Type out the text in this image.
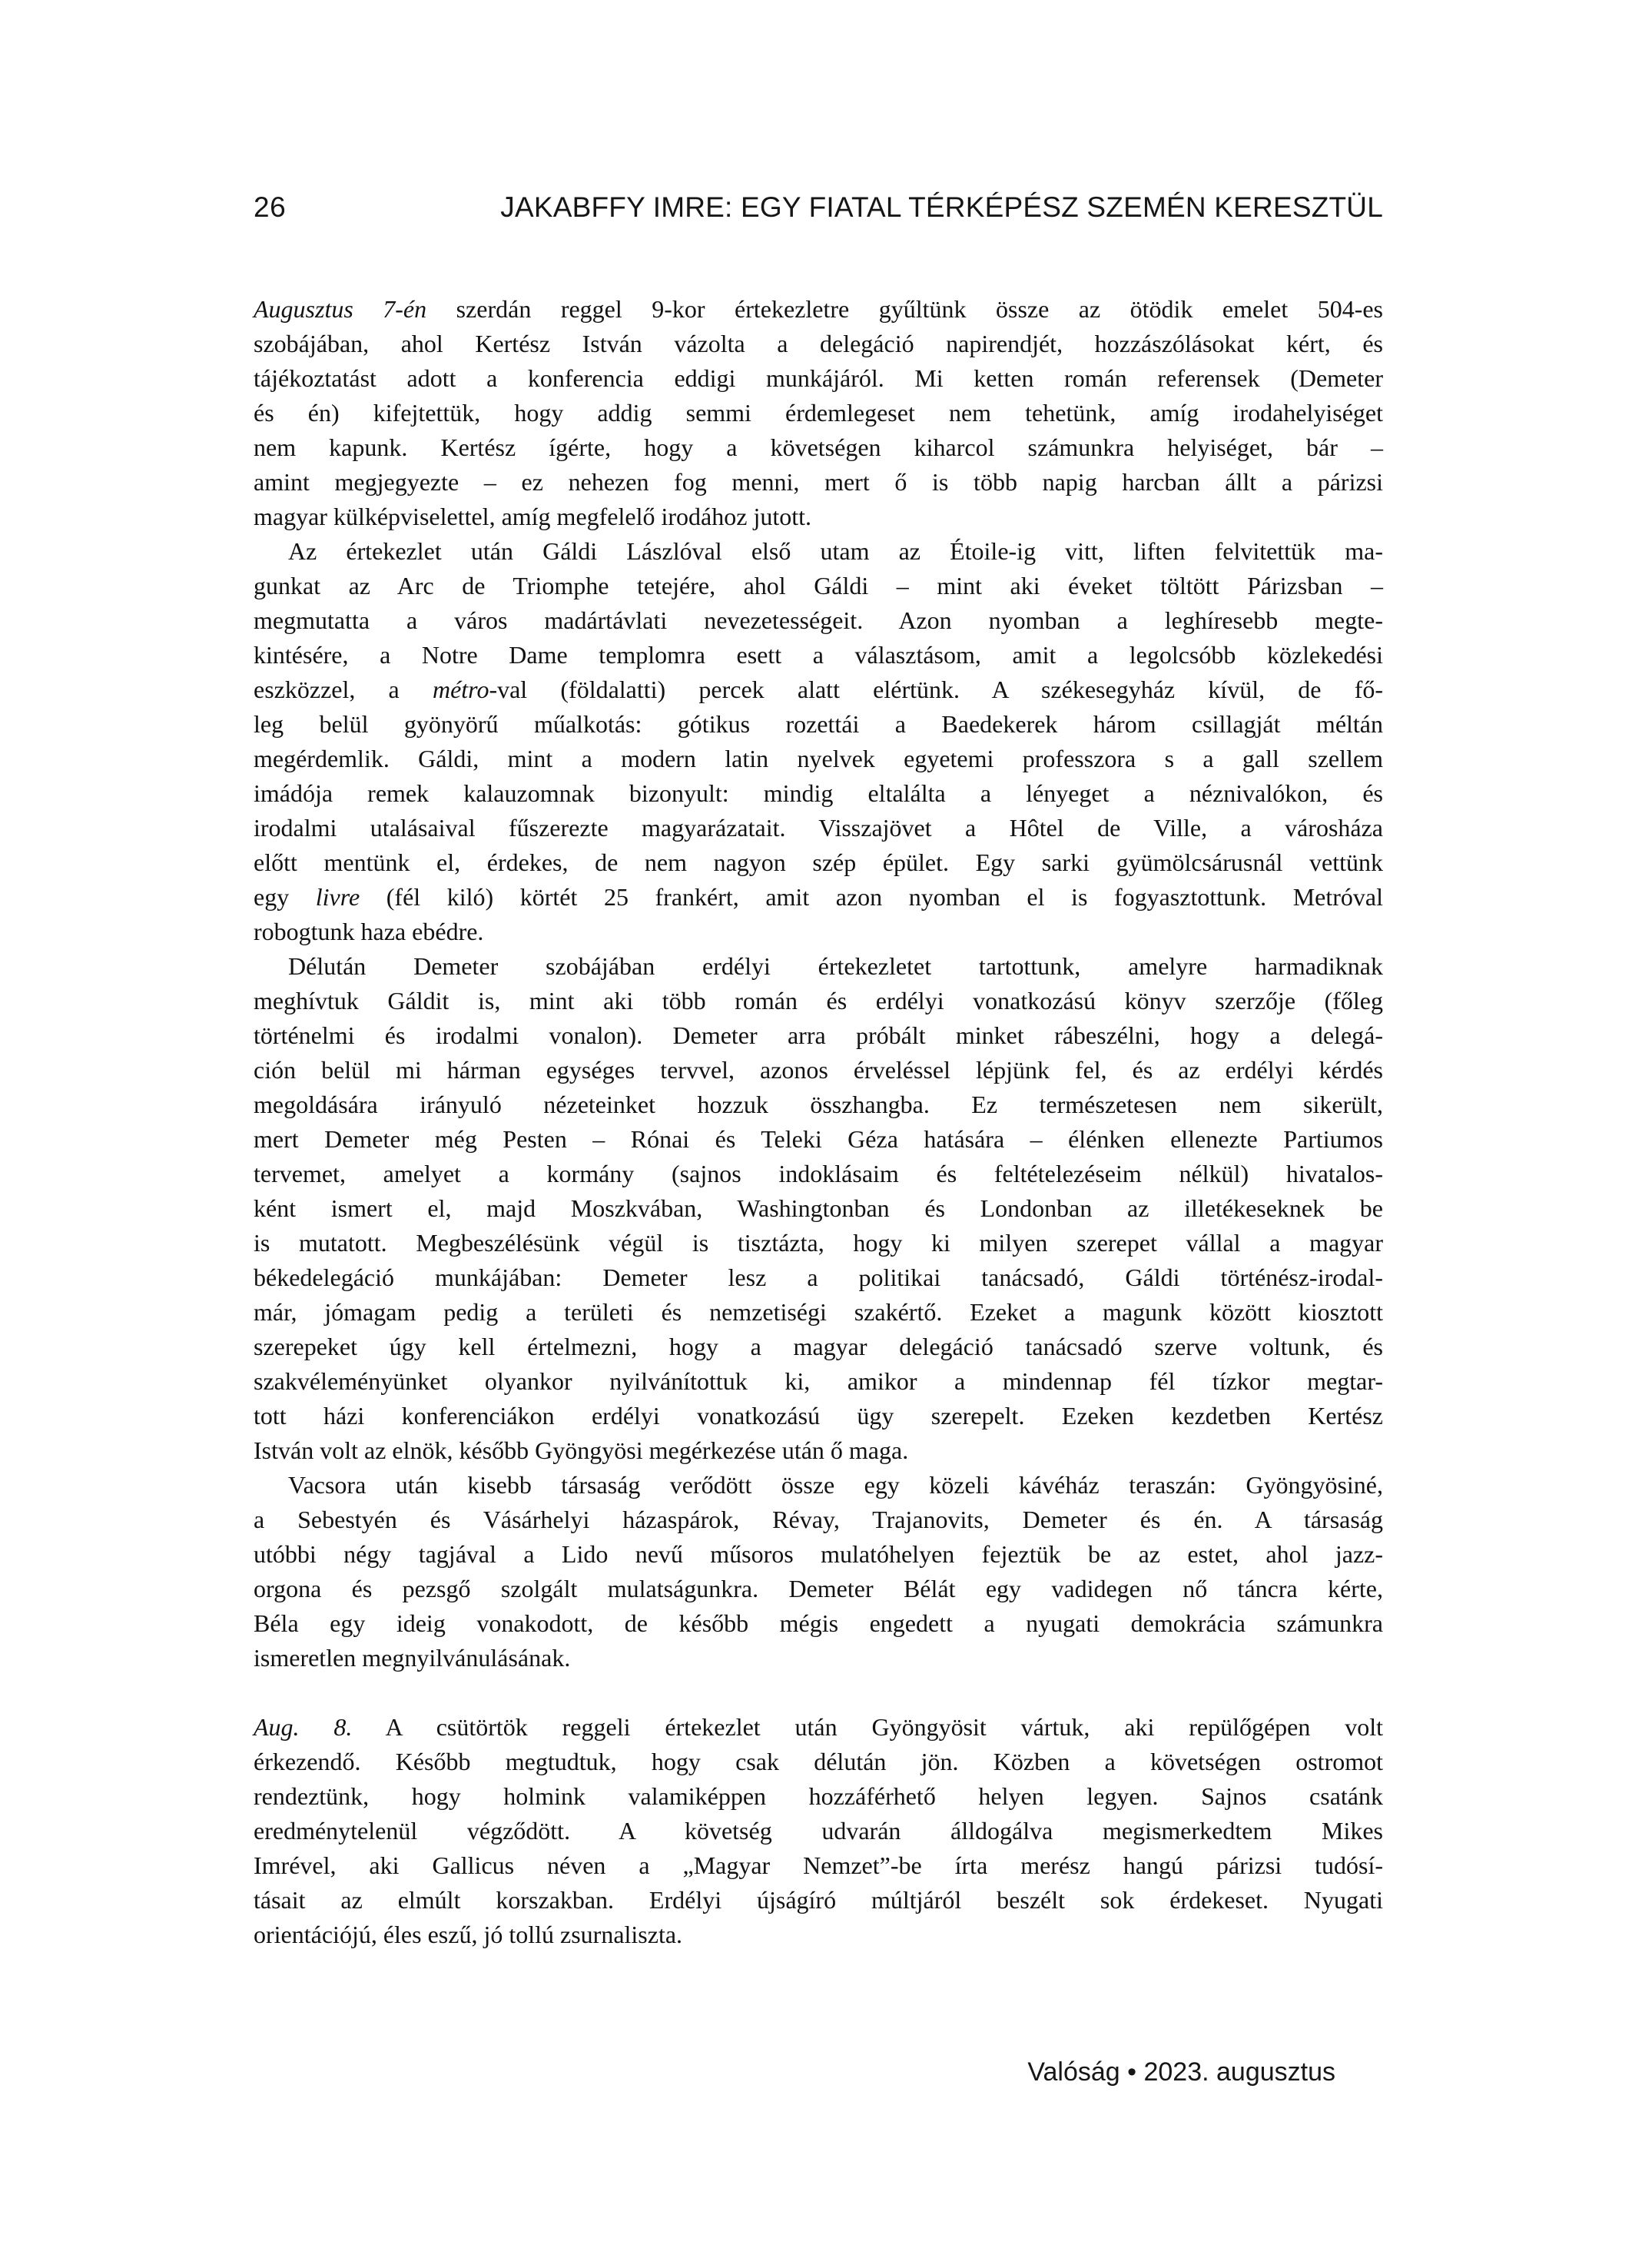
26	JAKABFFY IMRE: EGY FIATAL TÉRKÉPÉSZ SZEMÉN KERESZTÜL
Augusztus 7-én szerdán reggel 9-kor értekezletre gyűltünk össze az ötödik emelet 504-es
szobájában, ahol Kertész István vázolta a delegáció napirendjét, hozzászólásokat kért, és
tájékoztatást adott a konferencia eddigi munkájáról. Mi ketten román referensek (Demeter
és én) kifejtettük, hogy addig semmi érdemlegeset nem tehetünk, amíg irodahelyiséget
nem kapunk. Kertész ígérte, hogy a követségen kiharcol számunkra helyiséget, bár –
amint megjegyezte – ez nehezen fog menni, mert ő is több napig harcban állt a párizsi
magyar külképviselettel, amíg megfelelő irodához jutott.
Az értekezlet után Gáldi Lászlóval első utam az Étoile-ig vitt, liften felvitettük ma-
gunkat az Arc de Triomphe tetejére, ahol Gáldi – mint aki éveket töltött Párizsban –
megmutatta a város madártávlati nevezetességeit. Azon nyomban a leghíresebb megte-
kintésére, a Notre Dame templomra esett a választásom, amit a legolcsóbb közlekedési
eszközzel, a métro-val (földalatti) percek alatt elértünk. A székesegyház kívül, de fő-
leg belül gyönyörű műalkotás: gótikus rozettái a Baedekerek három csillagját méltán
megérdemlik. Gáldi, mint a modern latin nyelvek egyetemi professzora s a gall szellem
imádója remek kalauzomnak bizonyult: mindig eltalálta a lényeget a néznivalókon, és
irodalmi utalásaival fűszerezte magyarázatait. Visszajövet a Hôtel de Ville, a városháza
előtt mentünk el, érdekes, de nem nagyon szép épület. Egy sarki gyümölcsárusnál vettünk
egy livre (fél kiló) körtét 25 frankért, amit azon nyomban el is fogyasztottunk. Metróval
robogtunk haza ebédre.
Délután Demeter szobájában erdélyi értekezletet tartottunk, amelyre harmadiknak
meghívtuk Gáldit is, mint aki több román és erdélyi vonatkozású könyv szerzője (főleg
történelmi és irodalmi vonalon). Demeter arra próbált minket rábeszélni, hogy a delegá-
ción belül mi hárman egységes tervvel, azonos érveléssel lépjünk fel, és az erdélyi kérdés
megoldására irányuló nézeteinket hozzuk összhangba. Ez természetesen nem sikerült,
mert Demeter még Pesten – Rónai és Teleki Géza hatására – élénken ellenezte Partiumos
tervemet, amelyet a kormány (sajnos indoklásaim és feltételezéseim nélkül) hivatalos-
ként ismert el, majd Moszkvában, Washingtonban és Londonban az illetékeseknek be
is mutatott. Megbeszélésünk végül is tisztázta, hogy ki milyen szerepet vállal a magyar
békedelegáció munkájában: Demeter lesz a politikai tanácsadó, Gáldi történész-irodal-
már, jómagam pedig a területi és nemzetiségi szakértő. Ezeket a magunk között kiosztott
szerepeket úgy kell értelmezni, hogy a magyar delegáció tanácsadó szerve voltunk, és
szakvéleményünket olyankor nyilvánítottuk ki, amikor a mindennap fél tízkor megtar-
tott házi konferenciákon erdélyi vonatkozású ügy szerepelt. Ezeken kezdetben Kertész
István volt az elnök, később Gyöngyösi megérkezése után ő maga.
Vacsora után kisebb társaság verődött össze egy közeli kávéház teraszán: Gyöngyösiné,
a Sebestyén és Vásárhelyi házaspárok, Révay, Trajanovits, Demeter és én. A társaság
utóbbi négy tagjával a Lido nevű műsoros mulatóhelyen fejeztük be az estet, ahol jazz-
orgona és pezsgő szolgált mulatságunkra. Demeter Bélát egy vadidegen nő táncra kérte,
Béla egy ideig vonakodott, de később mégis engedett a nyugati demokrácia számunkra
ismeretlen megnyilvánulásának.
Aug. 8. A csütörtök reggeli értekezlet után Gyöngyösit vártuk, aki repülőgépen volt
érkezendő. Később megtudtuk, hogy csak délután jön. Közben a követségen ostromot
rendeztünk, hogy holmink valamiképpen hozzáférhető helyen legyen. Sajnos csatánk
eredménytelenül végződött. A követség udvarán álldogálva megismerkedtem Mikes
Imrével, aki Gallicus néven a „Magyar Nemzet”-be írta merész hangú párizsi tudósí-
tásait az elmúlt korszakban. Erdélyi újságíró múltjáról beszélt sok érdekeset. Nyugati
orientációjú, éles eszű, jó tollú zsurnaliszta.
Valóság • 2023. augusztus
